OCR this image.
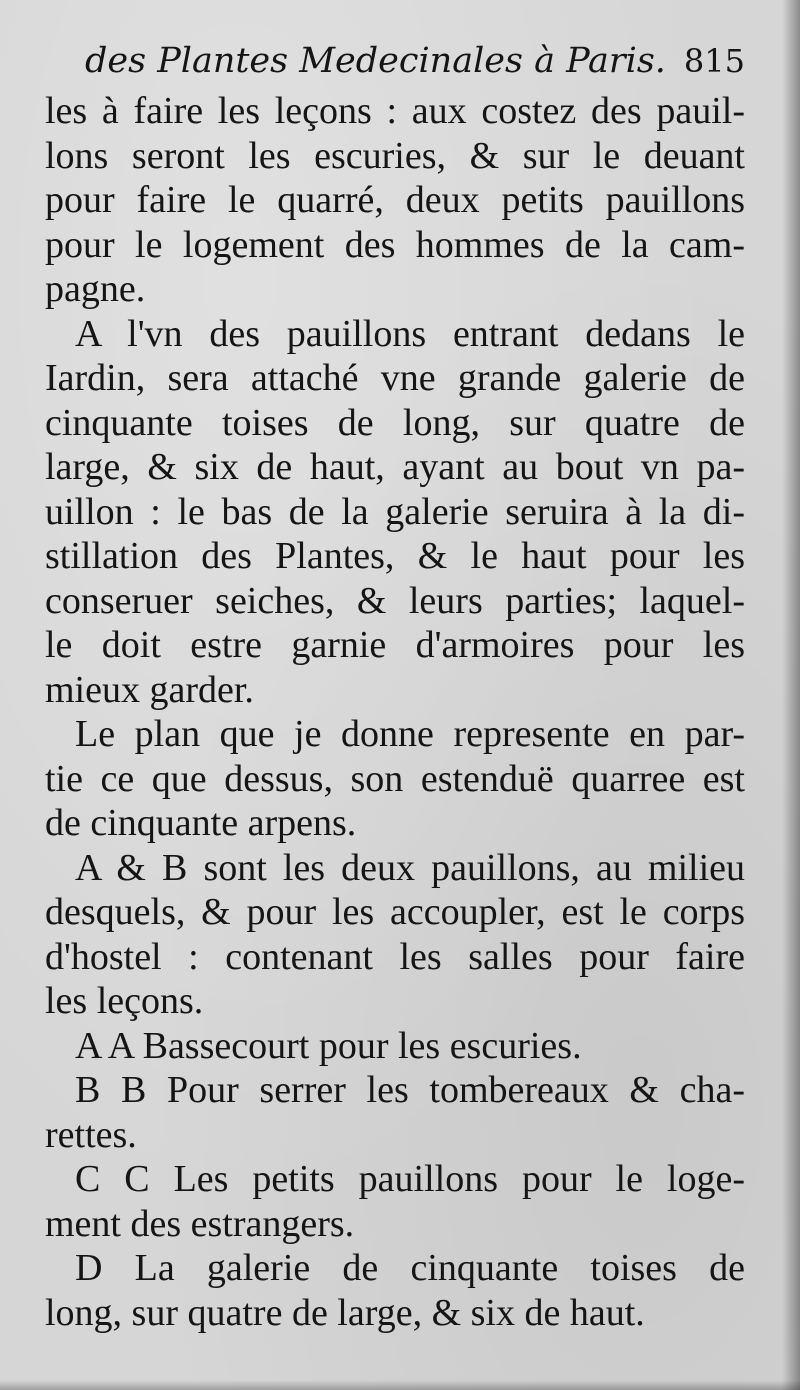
des Plantes Medecinales à Paris. 815
les à faire les leçons : aux costez des pauil-
lons seront les escuries, & sur le deuant
pour faire le quarré, deux petits pauillons
pour le logement des hommes de la cam-
pagne.
A l'vn des pauillons entrant dedans le
Iardin, sera attaché vne grande galerie de
cinquante toises de long, sur quatre de
large, & six de haut, ayant au bout vn pa-
uillon : le bas de la galerie seruira à la di-
stillation des Plantes, & le haut pour les
conseruer seiches, & leurs parties; laquel-
le doit estre garnie d'armoires pour les
mieux garder.
Le plan que je donne represente en par-
tie ce que dessus, son estenduë quarree est
de cinquante arpens.
A & B sont les deux pauillons, au milieu
desquels, & pour les accoupler, est le corps
d'hostel : contenant les salles pour faire
les leçons.
A A Bassecourt pour les escuries.
B B Pour serrer les tombereaux & cha-
rettes.
C C Les petits pauillons pour le loge-
ment des estrangers.
D La galerie de cinquante toises de
long, sur quatre de large, & six de haut.
